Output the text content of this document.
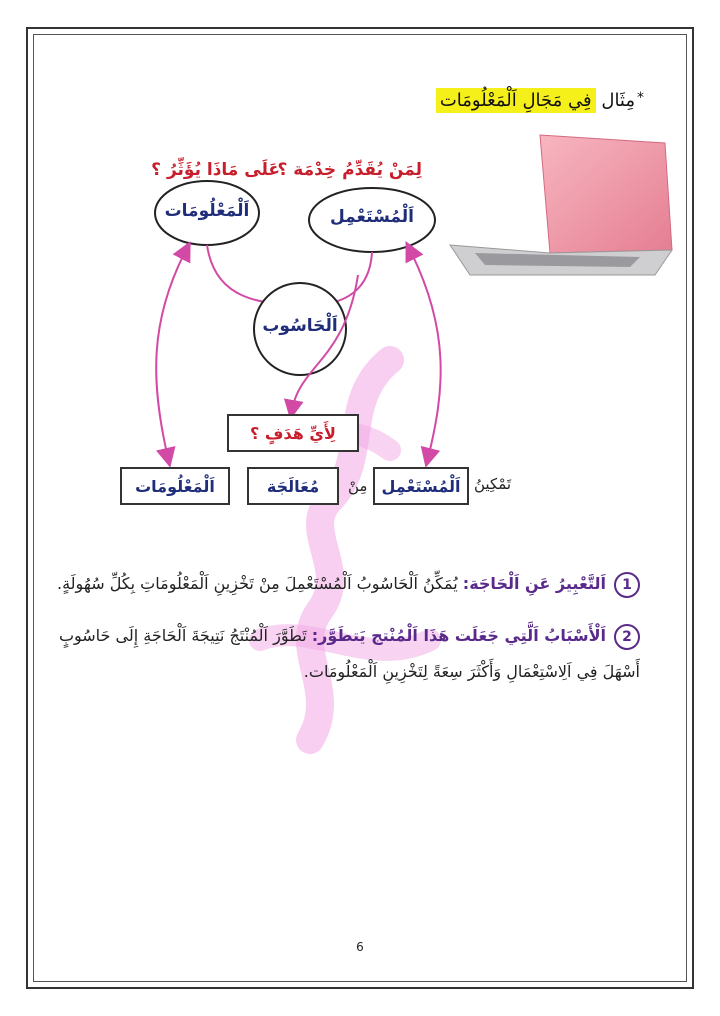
*مِثَال فِي مَجَالِ اَلْمَعْلُومَات
لِمَنْ يُقَدِّمُ خِدْمَة ؟
عَلَى مَاذَا يُؤَثِّرُ ؟
اَلْمُسْتَعْمِل
اَلْمَعْلُومَات
اَلْحَاسُوب
لِأَيِّ هَدَفٍ ؟
اَلْمُسْتَعْمِل تَمْكِينُ
مِنْ
مُعَالَجَة
اَلْمَعْلُومَات
1اَلتَّعْبِيرُ عَنِ اَلْحَاجَة: يُمَكِّنُ اَلْحَاسُوبُ اَلْمُسْتَعْمِلَ مِنْ تَخْزِينِ اَلْمَعْلُومَاتِ بِكُلِّ سُهُولَةٍ.
2اَلْأَسْبَابُ اَلَّتِي جَعَلَت هَذَا اَلْمُنْتج يَتطَوَّر: تَطَوَّرَ اَلْمُنْتَجُ نَتِيجَةَ اَلْحَاجَةِ إِلَى حَاسُوبٍ أَسْهَلَ فِي اَلِاسْتِعْمَالِ وَأَكْثَرَ سِعَةً لِتَخْزِينِ اَلْمَعْلُومَات.
6
